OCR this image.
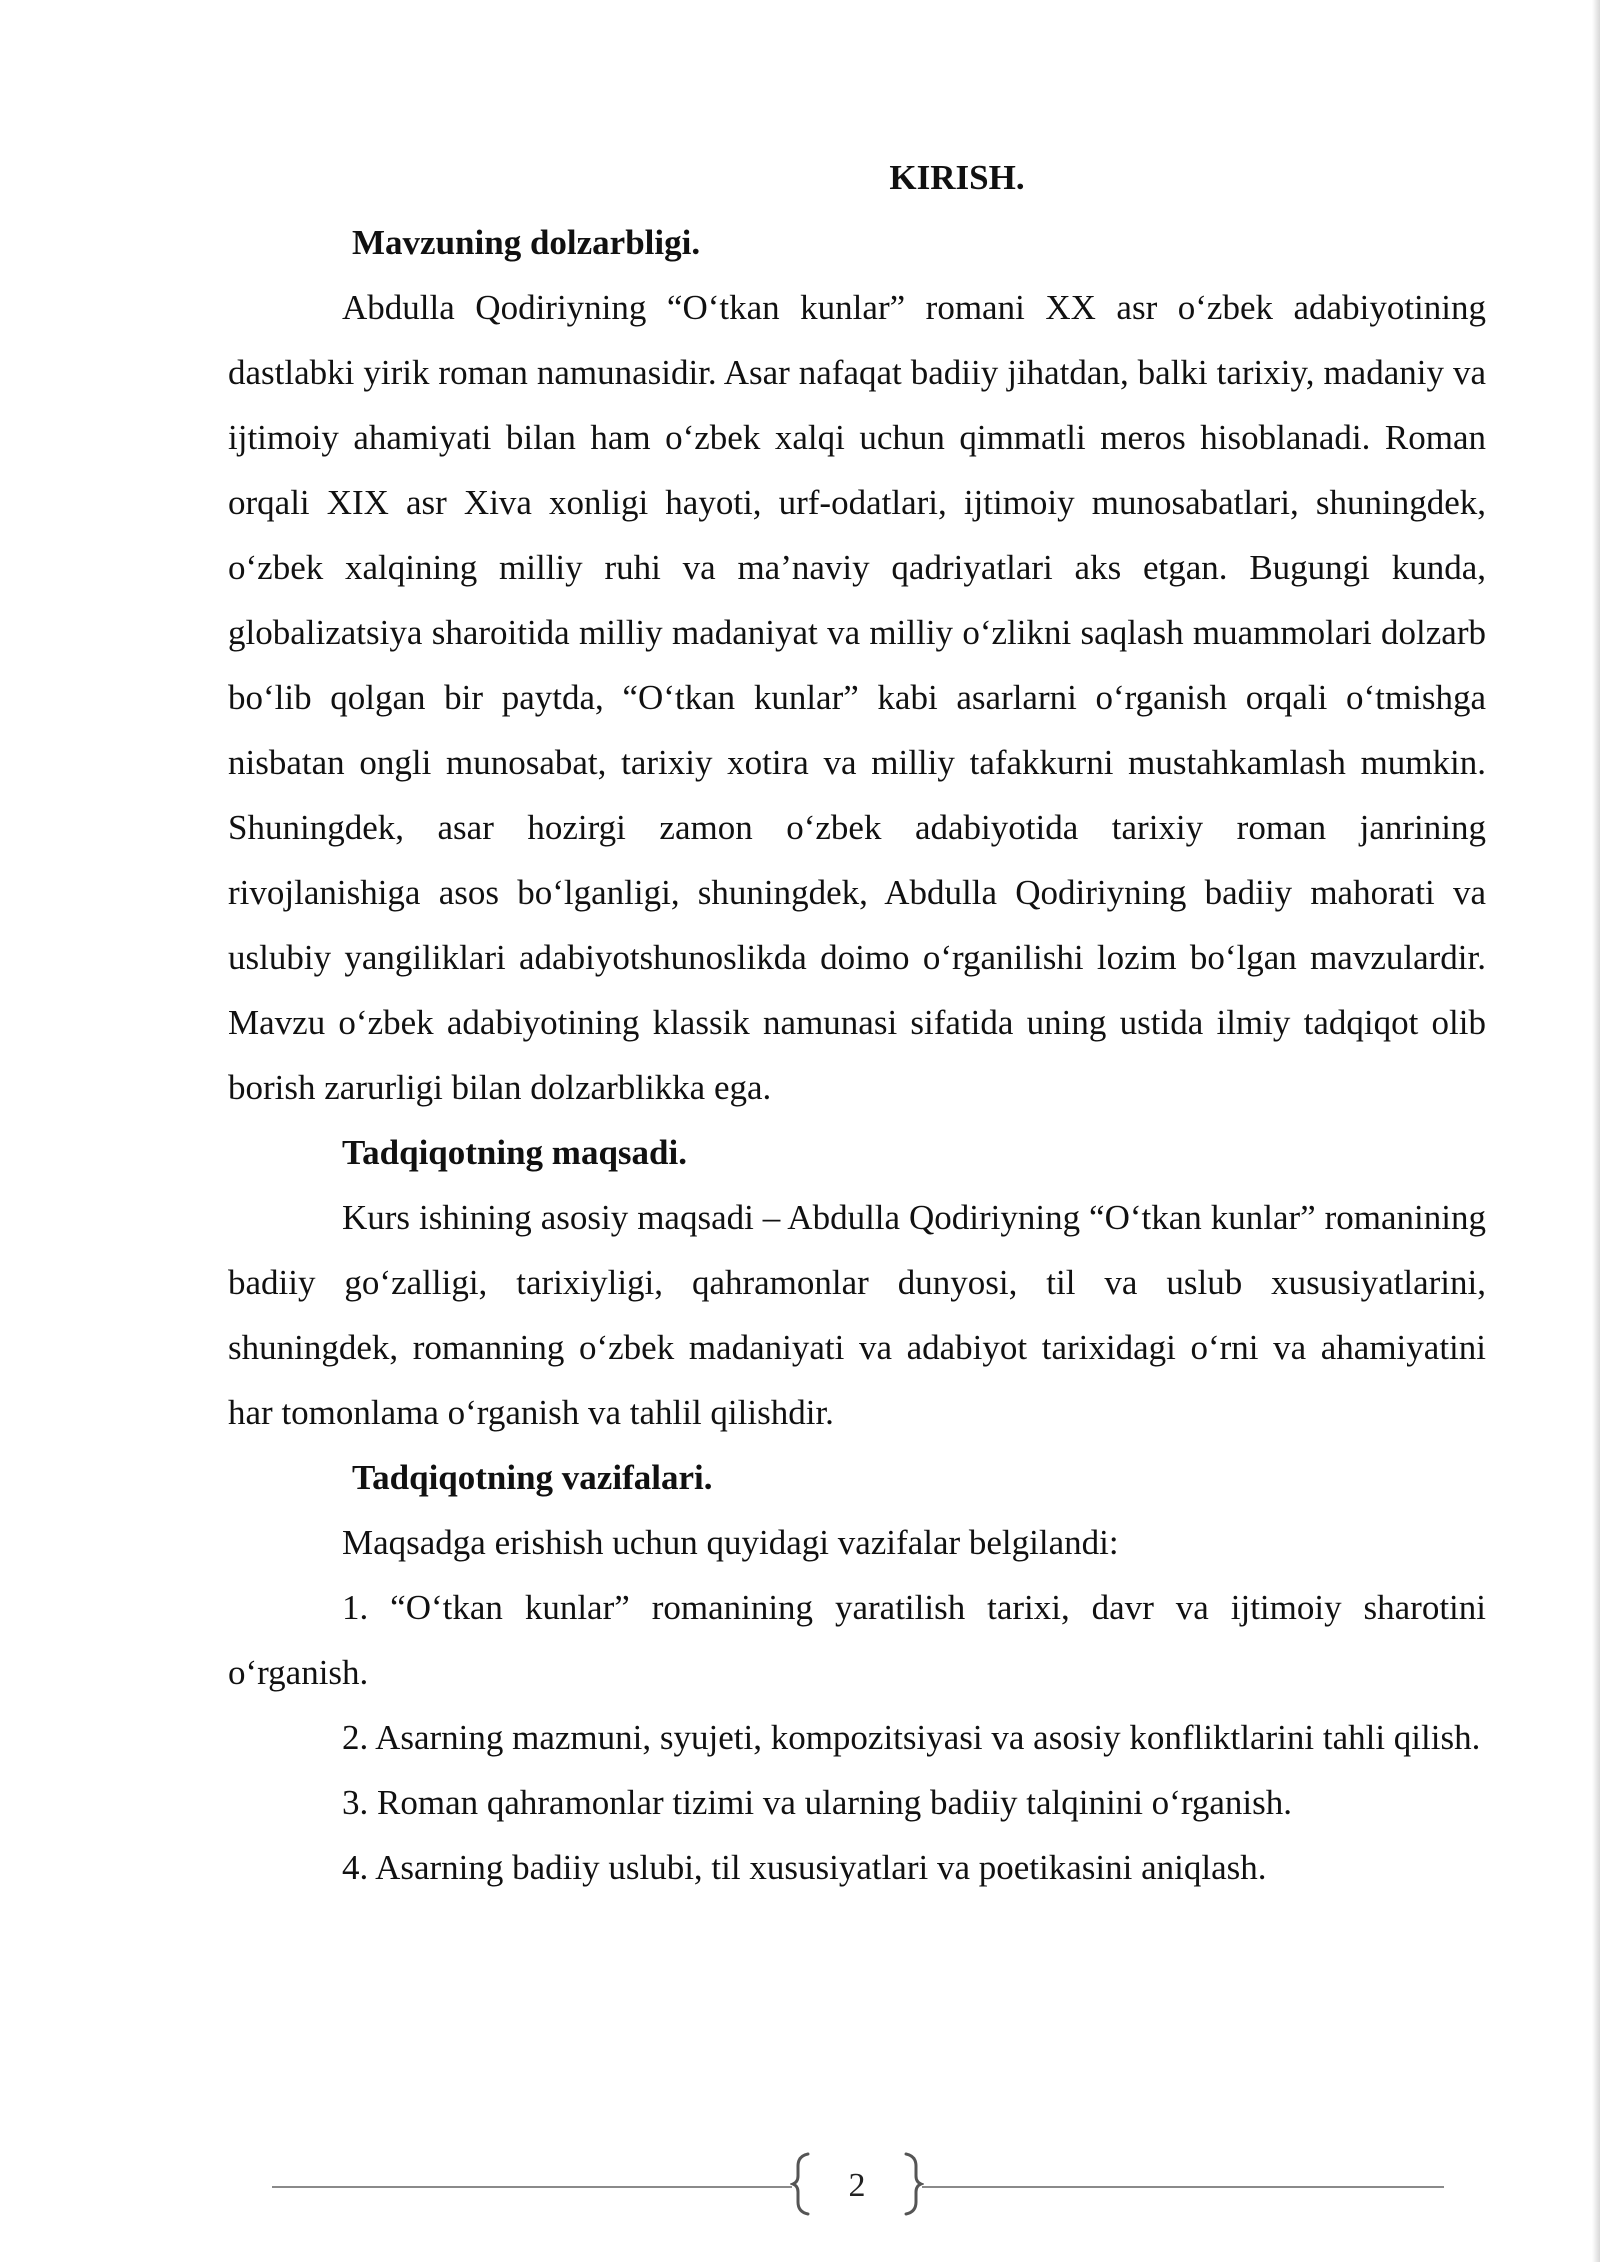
KIRISH.

Mavzuning dolzarbligi.

Abdulla Qodiriyning “O‘tkan kunlar” romani XX asr o‘zbek adabiyotining dastlabki yirik roman namunasidir. Asar nafaqat badiiy jihatdan, balki tarixiy, madaniy va ijtimoiy ahamiyati bilan ham o‘zbek xalqi uchun qimmatli meros hisoblanadi. Roman orqali XIX asr Xiva xonligi hayoti, urf-odatlari, ijtimoiy munosabatlari, shuningdek, o‘zbek xalqining milliy ruhi va ma’naviy qadriyatlari aks etgan. Bugungi kunda, globalizatsiya sharoitida milliy madaniyat va milliy o‘zlikni saqlash muammolari dolzarb bo‘lib qolgan bir paytda, “O‘tkan kunlar” kabi asarlarni o‘rganish orqali o‘tmishga nisbatan ongli munosabat, tarixiy xotira va milliy tafakkurni mustahkamlash mumkin. Shuningdek, asar hozirgi zamon o‘zbek adabiyotida tarixiy roman janrining rivojlanishiga asos bo‘lganligi, shuningdek, Abdulla Qodiriyning badiiy mahorati va uslubiy yangiliklari adabiyotshunoslikda doimo o‘rganilishi lozim bo‘lgan mavzulardir. Mavzu o‘zbek adabiyotining klassik namunasi sifatida uning ustida ilmiy tadqiqot olib borish zarurligi bilan dolzarblikka ega.

Tadqiqotning maqsadi.

Kurs ishining asosiy maqsadi – Abdulla Qodiriyning “O‘tkan kunlar” romanining badiiy go‘zalligi, tarixiyligi, qahramonlar dunyosi, til va uslub xususiyatlarini, shuningdek, romanning o‘zbek madaniyati va adabiyot tarixidagi o‘rni va ahamiyatini har tomonlama o‘rganish va tahlil qilishdir.

Tadqiqotning vazifalari.

Maqsadga erishish uchun quyidagi vazifalar belgilandi:

1. “O‘tkan kunlar” romanining yaratilish tarixi, davr va ijtimoiy sharotini o‘rganish.

2. Asarning mazmuni, syujeti, kompozitsiyasi va asosiy konfliktlarini tahli qilish.

3. Roman qahramonlar tizimi va ularning badiiy talqinini o‘rganish.

4. Asarning badiiy uslubi, til xususiyatlari va poetikasini aniqlash.

2
